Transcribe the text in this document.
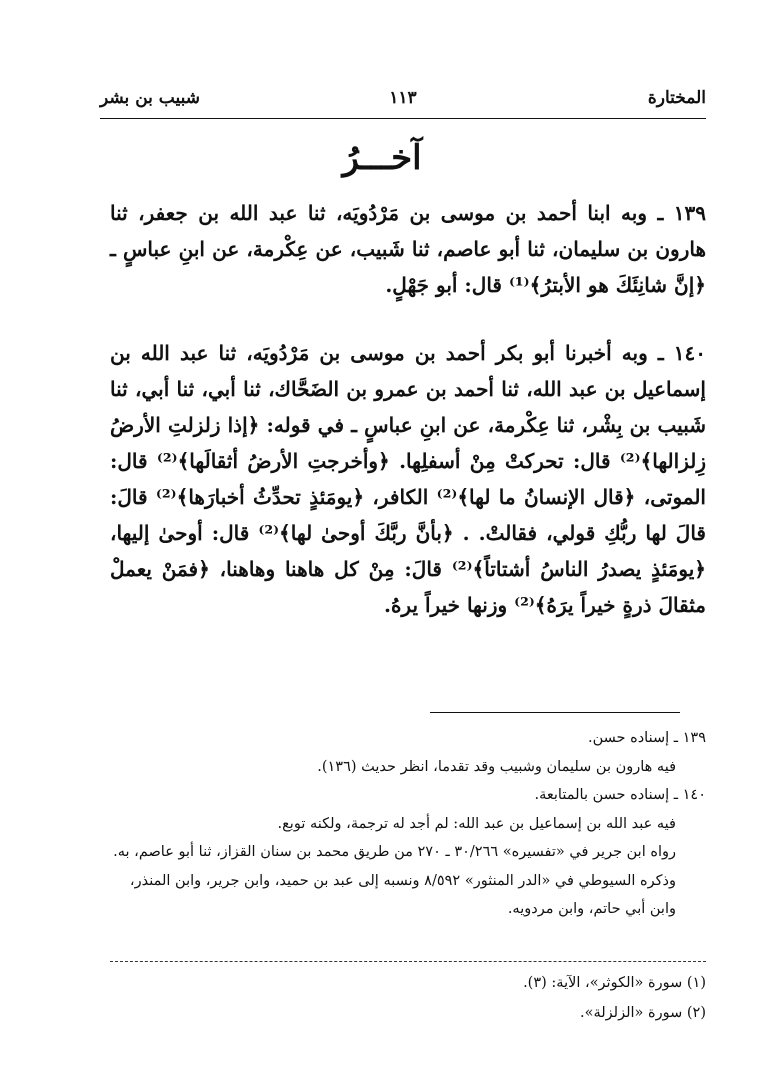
المختارة
١١٣
شبيب بن بشر
آخـــرُ

١٣٩ ـ وبه ابنا أحمد بن موسى بن مَرْدُويَه، ثنا عبد الله بن جعفر، ثنا هارون بن سليمان، ثنا أبو عاصم، ثنا شَبيب، عن عِكْرمة، عن ابنِ عباسٍ ـ ﴿إنَّ شانِئَكَ هو الأبترُ﴾⁽¹⁾ قال: أبو جَهْلٍ.

١٤٠ ـ وبه أخبرنا أبو بكر أحمد بن موسى بن مَرْدُويَه، ثنا عبد الله بن إسماعيل بن عبد الله، ثنا أحمد بن عمرو بن الضَحَّاك، ثنا أبي، ثنا أبي، ثنا شَبيب بن بِشْر، ثنا عِكْرمة، عن ابنِ عباسٍ ـ في قوله: ﴿إذا زلزلتِ الأرضُ زِلزالها﴾⁽²⁾ قال: تحركتْ مِنْ أسفلِها. ﴿وأخرجتِ الأرضُ أثقالَها﴾⁽²⁾ قال: الموتى، ﴿قال الإنسانُ ما لها﴾⁽²⁾ الكافر، ﴿يومَئذٍ تحدِّثُ أخبارَها﴾⁽²⁾ قالَ: قالَ لها ربُّكِ قولي، فقالتْ. . ﴿بأنَّ ربَّكَ أوحىٰ لها﴾⁽²⁾ قال: أوحىٰ إليها، ﴿يومَئذٍ يصدرُ الناسُ أشتاتاً﴾⁽²⁾ قالَ: مِنْ كل هاهنا وهاهنا، ﴿فمَنْ يعملْ مثقالَ ذرةٍ خيراً يرَهُ﴾⁽²⁾ وزنها خيراً يرهُ.

١٣٩ ـ إسناده حسن.

فيه هارون بن سليمان وشبيب وقد تقدما، انظر حديث (١٣٦).

١٤٠ ـ إسناده حسن بالمتابعة.

فيه عبد الله بن إسماعيل بن عبد الله: لم أجد له ترجمة، ولكنه توبع.

رواه ابن جرير في «تفسيره» ٣٠/٢٦٦ ـ ٢٧٠ من طريق محمد بن سنان القزاز، ثنا أبو عاصم، به.

وذكره السيوطي في «الدر المنثور» ٨/٥٩٢ ونسبه إلى عبد بن حميد، وابن جرير، وابن المنذر، وابن أبي حاتم، وابن مردويه.

(١) سورة «الكوثر»، الآية: (٣).

(٢) سورة «الزلزلة».
